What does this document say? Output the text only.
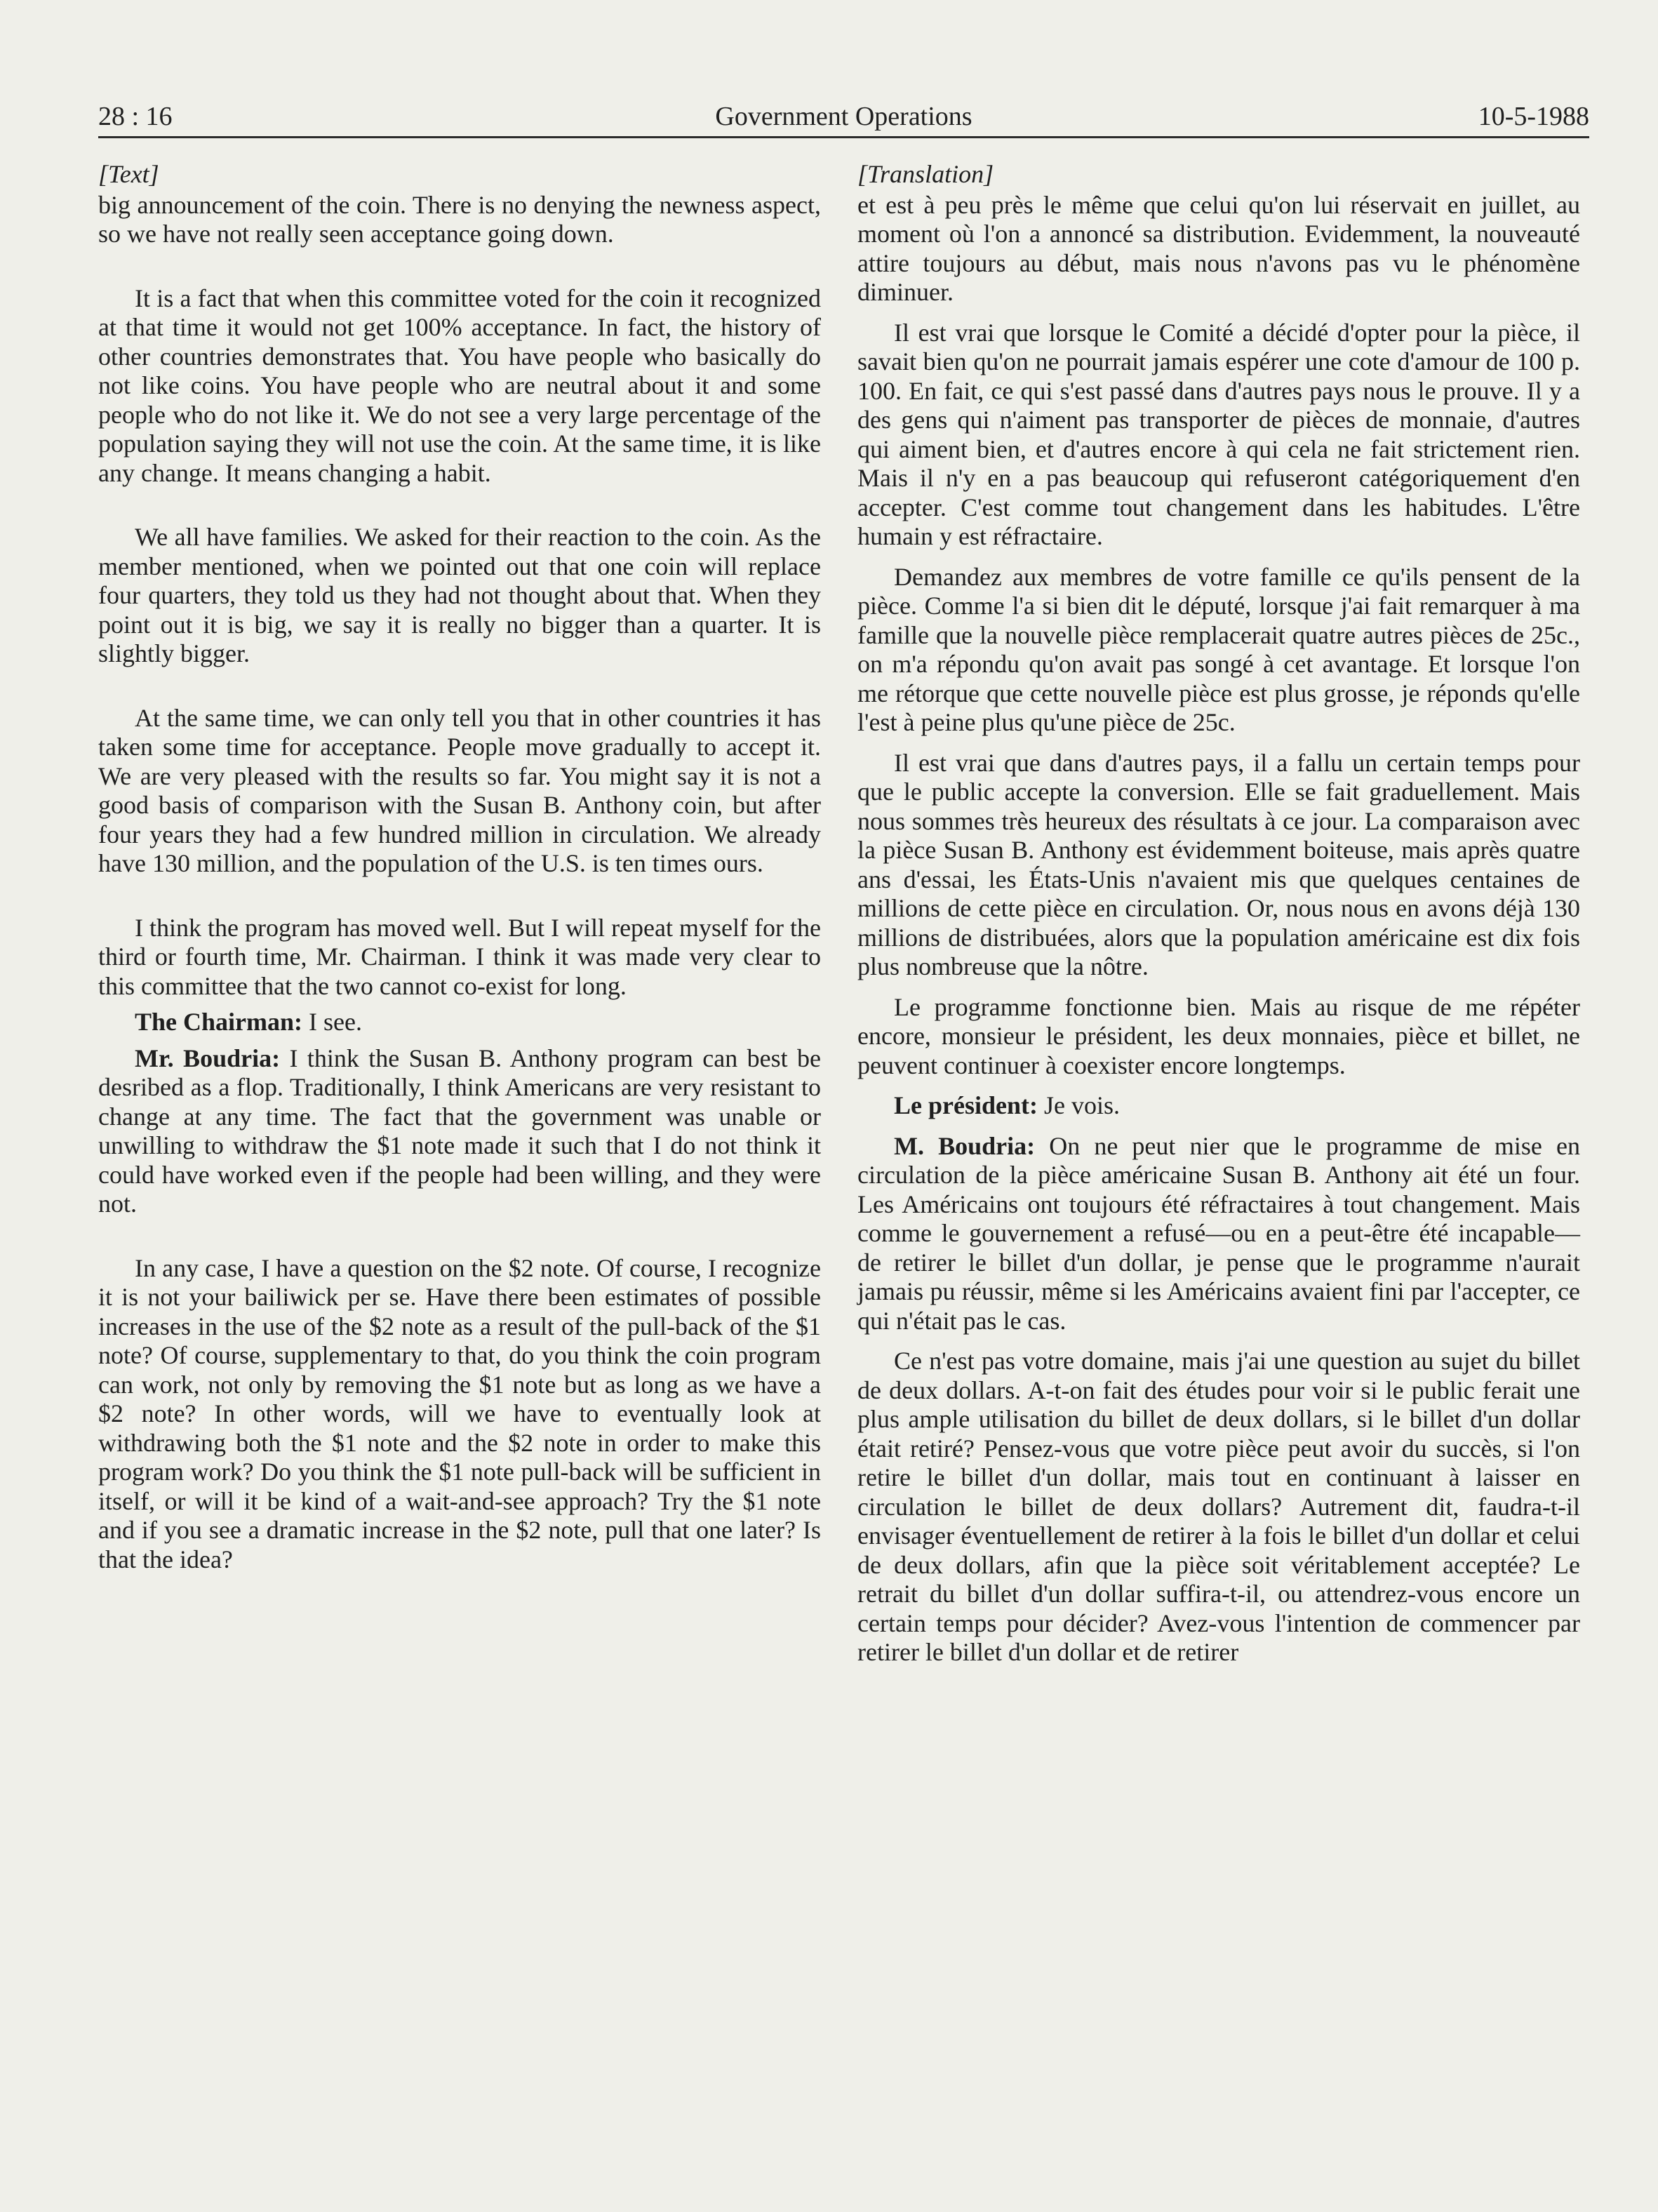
28 : 16	Government Operations	10-5-1988

[Text]

big announcement of the coin. There is no denying the newness aspect, so we have not really seen acceptance going down.

It is a fact that when this committee voted for the coin it recognized at that time it would not get 100% acceptance. In fact, the history of other countries demonstrates that. You have people who basically do not like coins. You have people who are neutral about it and some people who do not like it. We do not see a very large percentage of the population saying they will not use the coin. At the same time, it is like any change. It means changing a habit.

We all have families. We asked for their reaction to the coin. As the member mentioned, when we pointed out that one coin will replace four quarters, they told us they had not thought about that. When they point out it is big, we say it is really no bigger than a quarter. It is slightly bigger.

At the same time, we can only tell you that in other countries it has taken some time for acceptance. People move gradually to accept it. We are very pleased with the results so far. You might say it is not a good basis of comparison with the Susan B. Anthony coin, but after four years they had a few hundred million in circulation. We already have 130 million, and the population of the U.S. is ten times ours.

I think the program has moved well. But I will repeat myself for the third or fourth time, Mr. Chairman. I think it was made very clear to this committee that the two cannot co-exist for long.

The Chairman: I see.

Mr. Boudria: I think the Susan B. Anthony program can best be desribed as a flop. Traditionally, I think Americans are very resistant to change at any time. The fact that the government was unable or unwilling to withdraw the $1 note made it such that I do not think it could have worked even if the people had been willing, and they were not.

In any case, I have a question on the $2 note. Of course, I recognize it is not your bailiwick per se. Have there been estimates of possible increases in the use of the $2 note as a result of the pull-back of the $1 note? Of course, supplementary to that, do you think the coin program can work, not only by removing the $1 note but as long as we have a $2 note? In other words, will we have to eventually look at withdrawing both the $1 note and the $2 note in order to make this program work? Do you think the $1 note pull-back will be sufficient in itself, or will it be kind of a wait-and-see approach? Try the $1 note and if you see a dramatic increase in the $2 note, pull that one later? Is that the idea?

[Translation]

et est à peu près le même que celui qu'on lui réservait en juillet, au moment où l'on a annoncé sa distribution. Evidemment, la nouveauté attire toujours au début, mais nous n'avons pas vu le phénomène diminuer.

Il est vrai que lorsque le Comité a décidé d'opter pour la pièce, il savait bien qu'on ne pourrait jamais espérer une cote d'amour de 100 p. 100. En fait, ce qui s'est passé dans d'autres pays nous le prouve. Il y a des gens qui n'aiment pas transporter de pièces de monnaie, d'autres qui aiment bien, et d'autres encore à qui cela ne fait strictement rien. Mais il n'y en a pas beaucoup qui refuseront catégoriquement d'en accepter. C'est comme tout changement dans les habitudes. L'être humain y est réfractaire.

Demandez aux membres de votre famille ce qu'ils pensent de la pièce. Comme l'a si bien dit le député, lorsque j'ai fait remarquer à ma famille que la nouvelle pièce remplacerait quatre autres pièces de 25c., on m'a répondu qu'on avait pas songé à cet avantage. Et lorsque l'on me rétorque que cette nouvelle pièce est plus grosse, je réponds qu'elle l'est à peine plus qu'une pièce de 25c.

Il est vrai que dans d'autres pays, il a fallu un certain temps pour que le public accepte la conversion. Elle se fait graduellement. Mais nous sommes très heureux des résultats à ce jour. La comparaison avec la pièce Susan B. Anthony est évidemment boiteuse, mais après quatre ans d'essai, les États-Unis n'avaient mis que quelques centaines de millions de cette pièce en circulation. Or, nous nous en avons déjà 130 millions de distribuées, alors que la population américaine est dix fois plus nombreuse que la nôtre.

Le programme fonctionne bien. Mais au risque de me répéter encore, monsieur le président, les deux monnaies, pièce et billet, ne peuvent continuer à coexister encore longtemps.

Le président: Je vois.

M. Boudria: On ne peut nier que le programme de mise en circulation de la pièce américaine Susan B. Anthony ait été un four. Les Américains ont toujours été réfractaires à tout changement. Mais comme le gouvernement a refusé—ou en a peut-être été incapable— de retirer le billet d'un dollar, je pense que le programme n'aurait jamais pu réussir, même si les Américains avaient fini par l'accepter, ce qui n'était pas le cas.

Ce n'est pas votre domaine, mais j'ai une question au sujet du billet de deux dollars. A-t-on fait des études pour voir si le public ferait une plus ample utilisation du billet de deux dollars, si le billet d'un dollar était retiré? Pensez-vous que votre pièce peut avoir du succès, si l'on retire le billet d'un dollar, mais tout en continuant à laisser en circulation le billet de deux dollars? Autrement dit, faudra-t-il envisager éventuellement de retirer à la fois le billet d'un dollar et celui de deux dollars, afin que la pièce soit véritablement acceptée? Le retrait du billet d'un dollar suffira-t-il, ou attendrez-vous encore un certain temps pour décider? Avez-vous l'intention de commencer par retirer le billet d'un dollar et de retirer
